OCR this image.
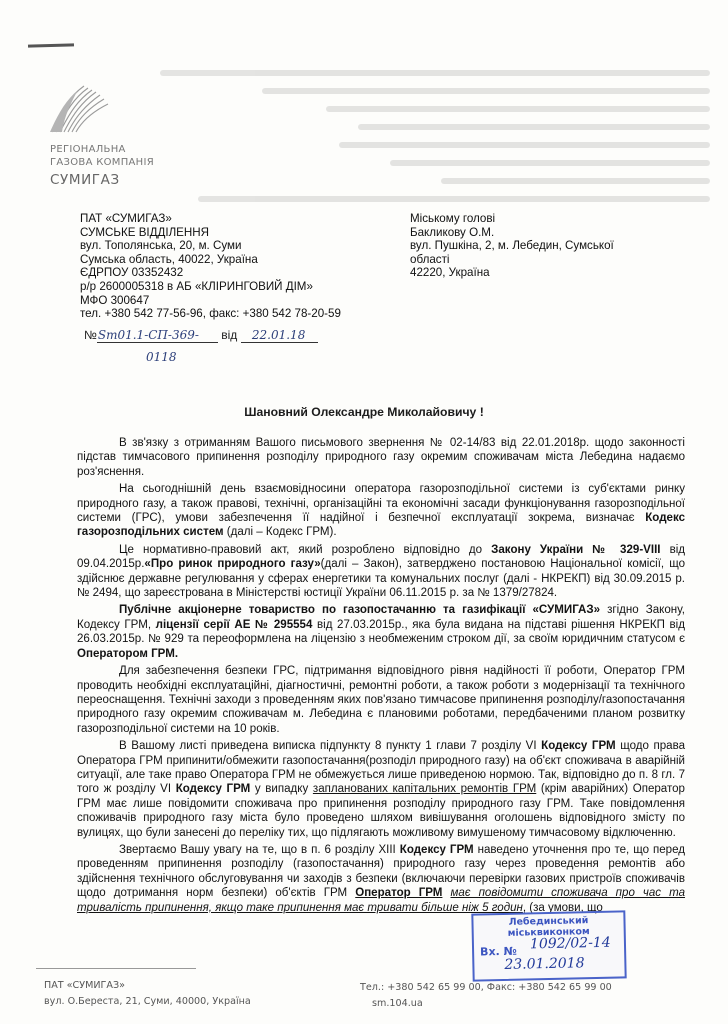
РЕГІОНАЛЬНА
ГАЗОВА КОМПАНІЯ
СУМИГАЗ
ПАТ «СУМИГАЗ»
СУМСЬКЕ ВІДДІЛЕННЯ
вул. Тополянська, 20, м. Суми
Сумська область, 40022, Україна
ЄДРПОУ 03352432
р/р 2600005318 в АБ «КЛІРИНГОВИЙ ДІМ»
МФО 300647
тел. +380 542 77-56-96, факс: +380 542 78-20-59
Міському голові
Бакликову О.М.
вул. Пушкіна, 2, м. Лебедин, Сумської
області
42220, Україна
№Sm01.1-СП-369- від 22.01.18
0118
Шановний Олександре Миколайовичу !

В зв'язку з отриманням Вашого письмового звернення № 02-14/83 від 22.01.2018р. щодо законності підстав тимчасового припинення розподілу природного газу окремим споживачам міста Лебедина надаємо роз'яснення.

На сьогоднішній день взаємовідносини оператора газорозподільної системи із суб'єктами ринку природного газу, а також правові, технічні, організаційні та економічні засади функціонування газорозподільної системи (ГРС), умови забезпечення її надійної і безпечної експлуатації зокрема, визначає Кодекс газорозподільних систем (далі – Кодекс ГРМ).

Це нормативно-правовий акт, який розроблено відповідно до Закону України № 329-VIII від 09.04.2015р.«Про ринок природного газу»(далі – Закон), затверджено постановою Національної комісії, що здійснює державне регулювання у сферах енергетики та комунальних послуг (далі - НКРЕКП) від 30.09.2015 р. № 2494, що зареєстрована в Міністерстві юстиції України 06.11.2015 р. за № 1379/27824.

Публічне акціонерне товариство по газопостачанню та газифікації «СУМИГАЗ» згідно Закону, Кодексу ГРМ, ліцензії серії АЕ № 295554 від 27.03.2015р., яка була видана на підставі рішення НКРЕКП від 26.03.2015р. № 929 та переоформлена на ліцензію з необмеженим строком дії, за своїм юридичним статусом є Оператором ГРМ.

Для забезпечення безпеки ГРС, підтримання відповідного рівня надійності її роботи, Оператор ГРМ проводить необхідні експлуатаційні, діагностичні, ремонтні роботи, а також роботи з модернізації та технічного переоснащення. Технічні заходи з проведенням яких пов'язано тимчасове припинення розподілу/газопостачання природного газу окремим споживачам м. Лебедина є плановими роботами, передбаченими планом розвитку газорозподільної системи на 10 років.

В Вашому листі приведена виписка підпункту 8 пункту 1 глави 7 розділу VI Кодексу ГРМ щодо права Оператора ГРМ припинити/обмежити газопостачання(розподіл природного газу) на об'єкт споживача в аварійній ситуації, але таке право Оператора ГРМ не обмежується лише приведеною нормою. Так, відповідно до п. 8 гл. 7 того ж розділу VI Кодексу ГРМ у випадку запланованих капітальних ремонтів ГРМ (крім аварійних) Оператор ГРМ має лише повідомити споживача про припинення розподілу природного газу ГРМ. Таке повідомлення споживачів природного газу міста було проведено шляхом вивішування оголошень відповідного змісту по вулицях, що були занесені до переліку тих, що підлягають можливому вимушеному тимчасовому відключенню.

Звертаємо Вашу увагу на те, що в п. 6 розділу XIII Кодексу ГРМ наведено уточнення про те, що перед проведенням припинення розподілу (газопостачання) природного газу через проведення ремонтів або здійснення технічного обслуговування чи заходів з безпеки (включаючи перевірки газових пристроїв споживачів щодо дотримання норм безпеки) об'єктів ГРМ Оператор ГРМ має повідомити споживача про час та тривалість припинення, якщо таке припинення має тривати більше ніж 5 годин, (за умови, що

Лебединський
міськвиконком
Вх. № 1092/02-14
23.01.2018
ПАТ «СУМИГАЗ»
вул. О.Береста, 21, Суми, 40000, Україна
Тел.: +380 542 65 99 00, Факс: +380 542 65 99 00
sm.104.ua
